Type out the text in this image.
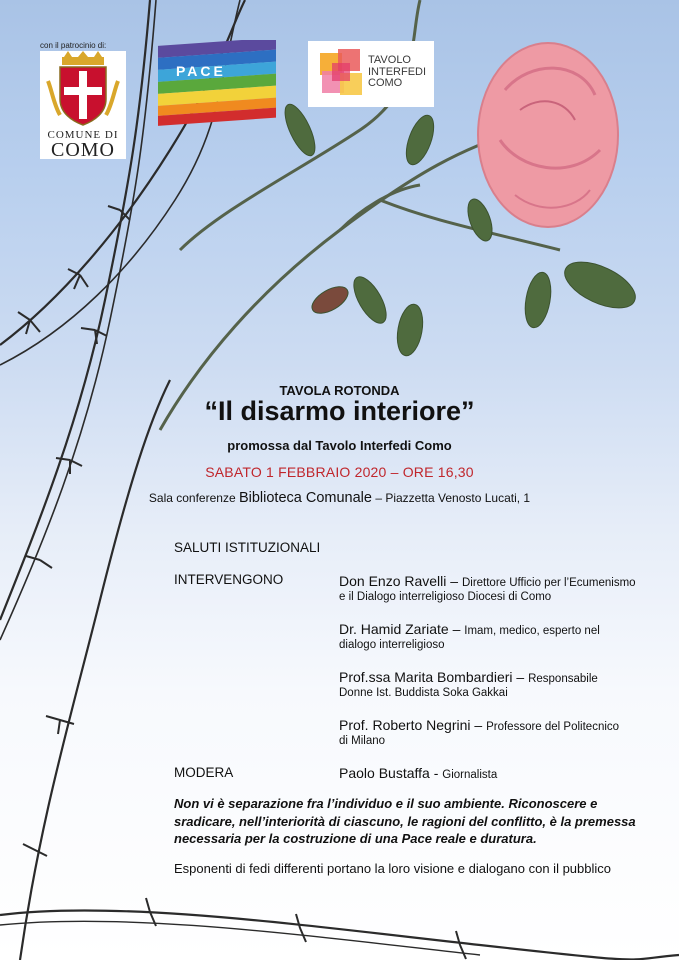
con il patrocinio di:
COMUNE DI
COMO
PACE
TAVOLO
INTERFEDI
COMO
TAVOLA ROTONDA
“Il disarmo interiore”
promossa dal Tavolo Interfedi Como
SABATO 1 FEBBRAIO 2020 – ORE 16,30
Sala conferenze Biblioteca Comunale – Piazzetta Venosto Lucati, 1
SALUTI ISTITUZIONALI
INTERVENGONO	Don Enzo Ravelli – Direttore Ufficio per l’Ecumenismo
e il Dialogo interreligioso Diocesi di Como
Dr. Hamid Zariate – Imam, medico, esperto nel
dialogo interreligioso
Prof.ssa Marita Bombardieri – Responsabile
Donne Ist. Buddista Soka Gakkai
Prof. Roberto Negrini – Professore del Politecnico
di Milano
MODERA	Paolo Bustaffa - Giornalista
Non vi è separazione fra l’individuo e il suo ambiente. Riconoscere e sradicare, nell’interiorità di ciascuno, le ragioni del conflitto, è la premessa necessaria per la costruzione di una Pace reale e duratura.
Esponenti di fedi differenti portano la loro visione e dialogano con il pubblico
